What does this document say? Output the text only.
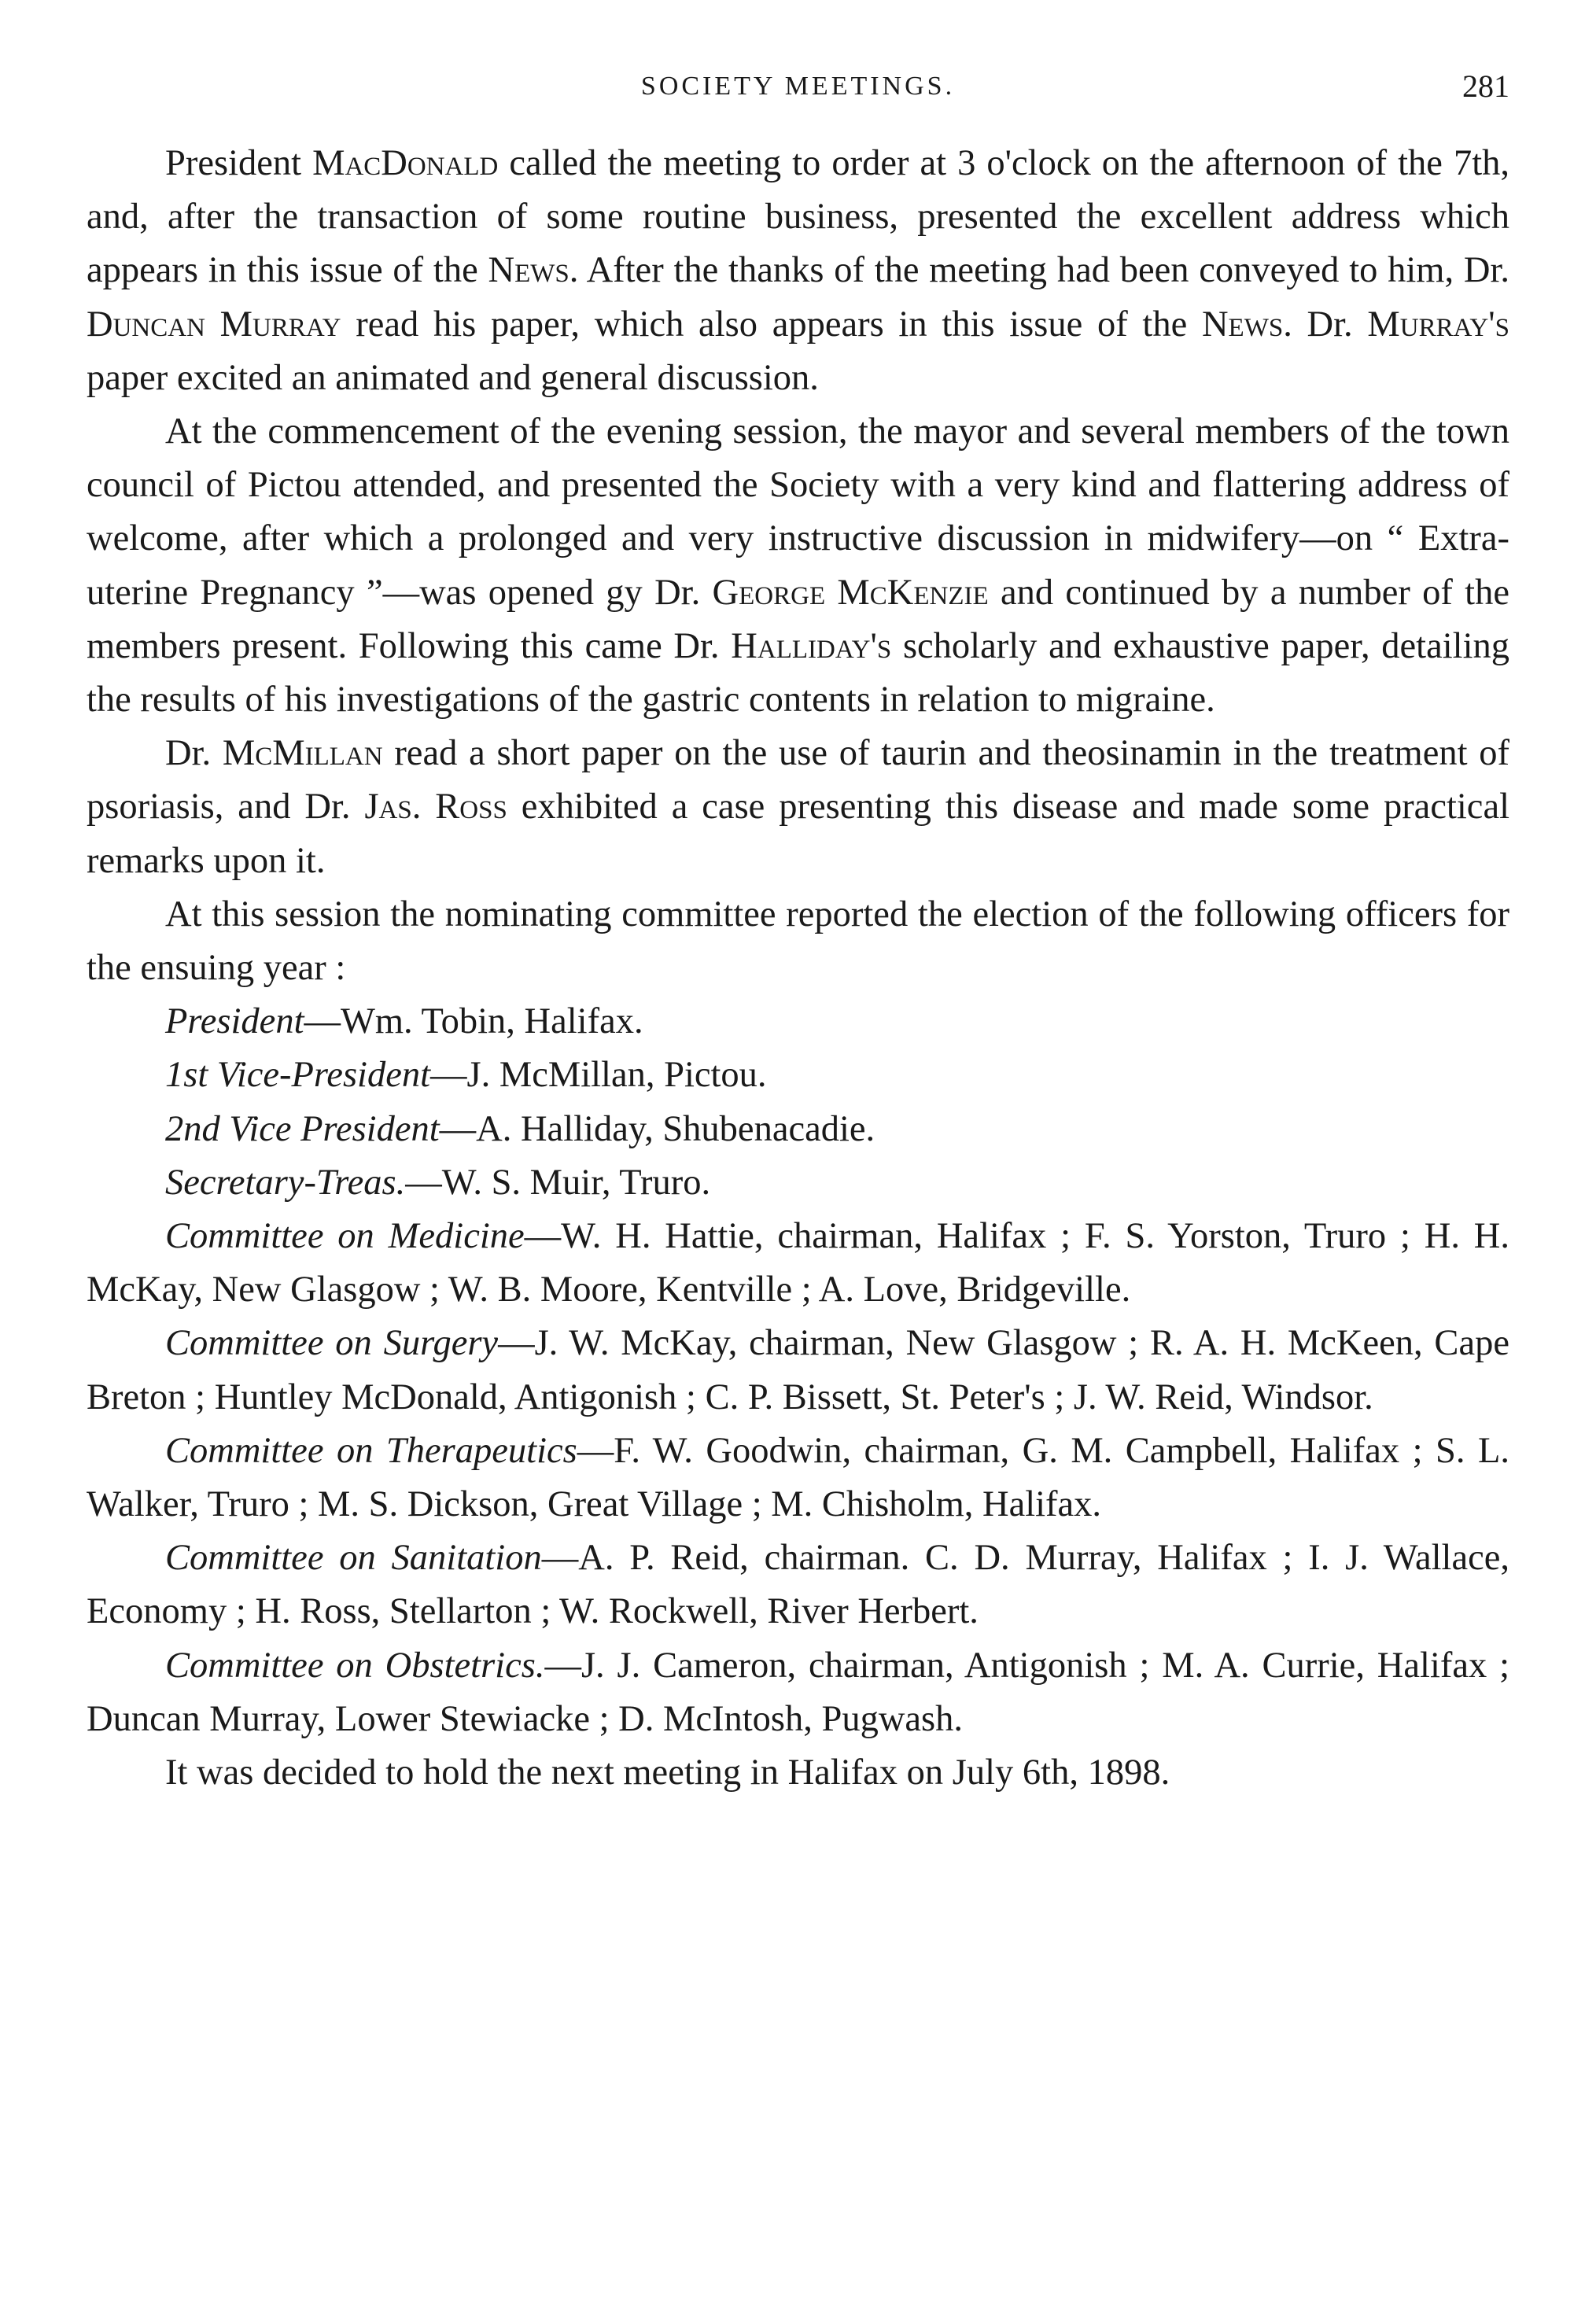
SOCIETY MEETINGS.	281

President MacDonald called the meeting to order at 3 o'clock on the afternoon of the 7th, and, after the transaction of some routine business, presented the excellent address which appears in this issue of the News. After the thanks of the meeting had been conveyed to him, Dr. Duncan Murray read his paper, which also appears in this issue of the News. Dr. Murray's paper excited an animated and general discussion.

At the commencement of the evening session, the mayor and several members of the town council of Pictou attended, and presented the Society with a very kind and flattering address of welcome, after which a prolonged and very instructive discussion in midwifery—on “ Extra-uterine Pregnancy ”—was opened gy Dr. George McKenzie and continued by a number of the members present. Following this came Dr. Halliday's scholarly and exhaustive paper, detailing the results of his investigations of the gastric contents in relation to migraine.

Dr. McMillan read a short paper on the use of taurin and theosinamin in the treatment of psoriasis, and Dr. Jas. Ross exhibited a case presenting this disease and made some practical remarks upon it.

At this session the nominating committee reported the election of the following officers for the ensuing year :

President—Wm. Tobin, Halifax.

1st Vice-President—J. McMillan, Pictou.

2nd Vice President—A. Halliday, Shubenacadie.

Secretary-Treas.—W. S. Muir, Truro.

Committee on Medicine—W. H. Hattie, chairman, Halifax ; F. S. Yorston, Truro ; H. H. McKay, New Glasgow ; W. B. Moore, Kentville ; A. Love, Bridgeville.

Committee on Surgery—J. W. McKay, chairman, New Glasgow ; R. A. H. McKeen, Cape Breton ; Huntley McDonald, Antigonish ; C. P. Bissett, St. Peter's ; J. W. Reid, Windsor.

Committee on Therapeutics—F. W. Goodwin, chairman, G. M. Campbell, Halifax ; S. L. Walker, Truro ; M. S. Dickson, Great Village ; M. Chisholm, Halifax.

Committee on Sanitation—A. P. Reid, chairman. C. D. Murray, Halifax ; I. J. Wallace, Economy ; H. Ross, Stellarton ; W. Rockwell, River Herbert.

Committee on Obstetrics.—J. J. Cameron, chairman, Antigonish ; M. A. Currie, Halifax ; Duncan Murray, Lower Stewiacke ; D. McIntosh, Pugwash.

It was decided to hold the next meeting in Halifax on July 6th, 1898.
